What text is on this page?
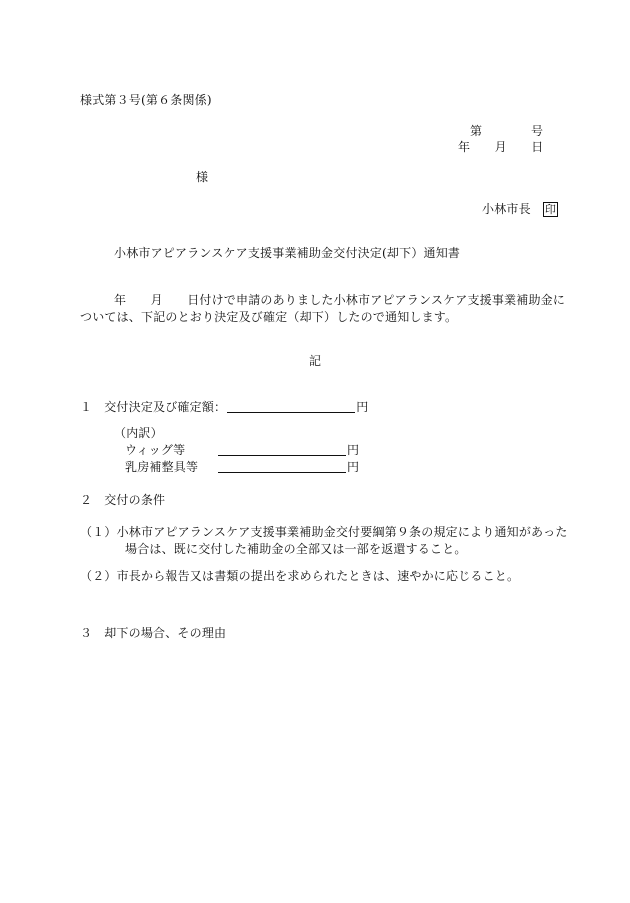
様式第３号(第６条関係)
第　　　　号
年　　月　　日
様
小林市長 印
小林市アピアランスケア支援事業補助金交付決定(却下）通知書
年　　月　　日付けで申請のありました小林市アピアランスケア支援事業補助金に
ついては、下記のとおり決定及び確定（却下）したので通知します。
記
１ 交付決定及び確定額：	円
（内訳）
ウィッグ等	円
乳房補整具等	円
２ 交付の条件
（１）小林市アピアランスケア支援事業補助金交付要綱第９条の規定により通知があった
場合は、既に交付した補助金の全部又は一部を返還すること。
（２）市長から報告又は書類の提出を求められたときは、速やかに応じること。
３ 却下の場合、その理由
